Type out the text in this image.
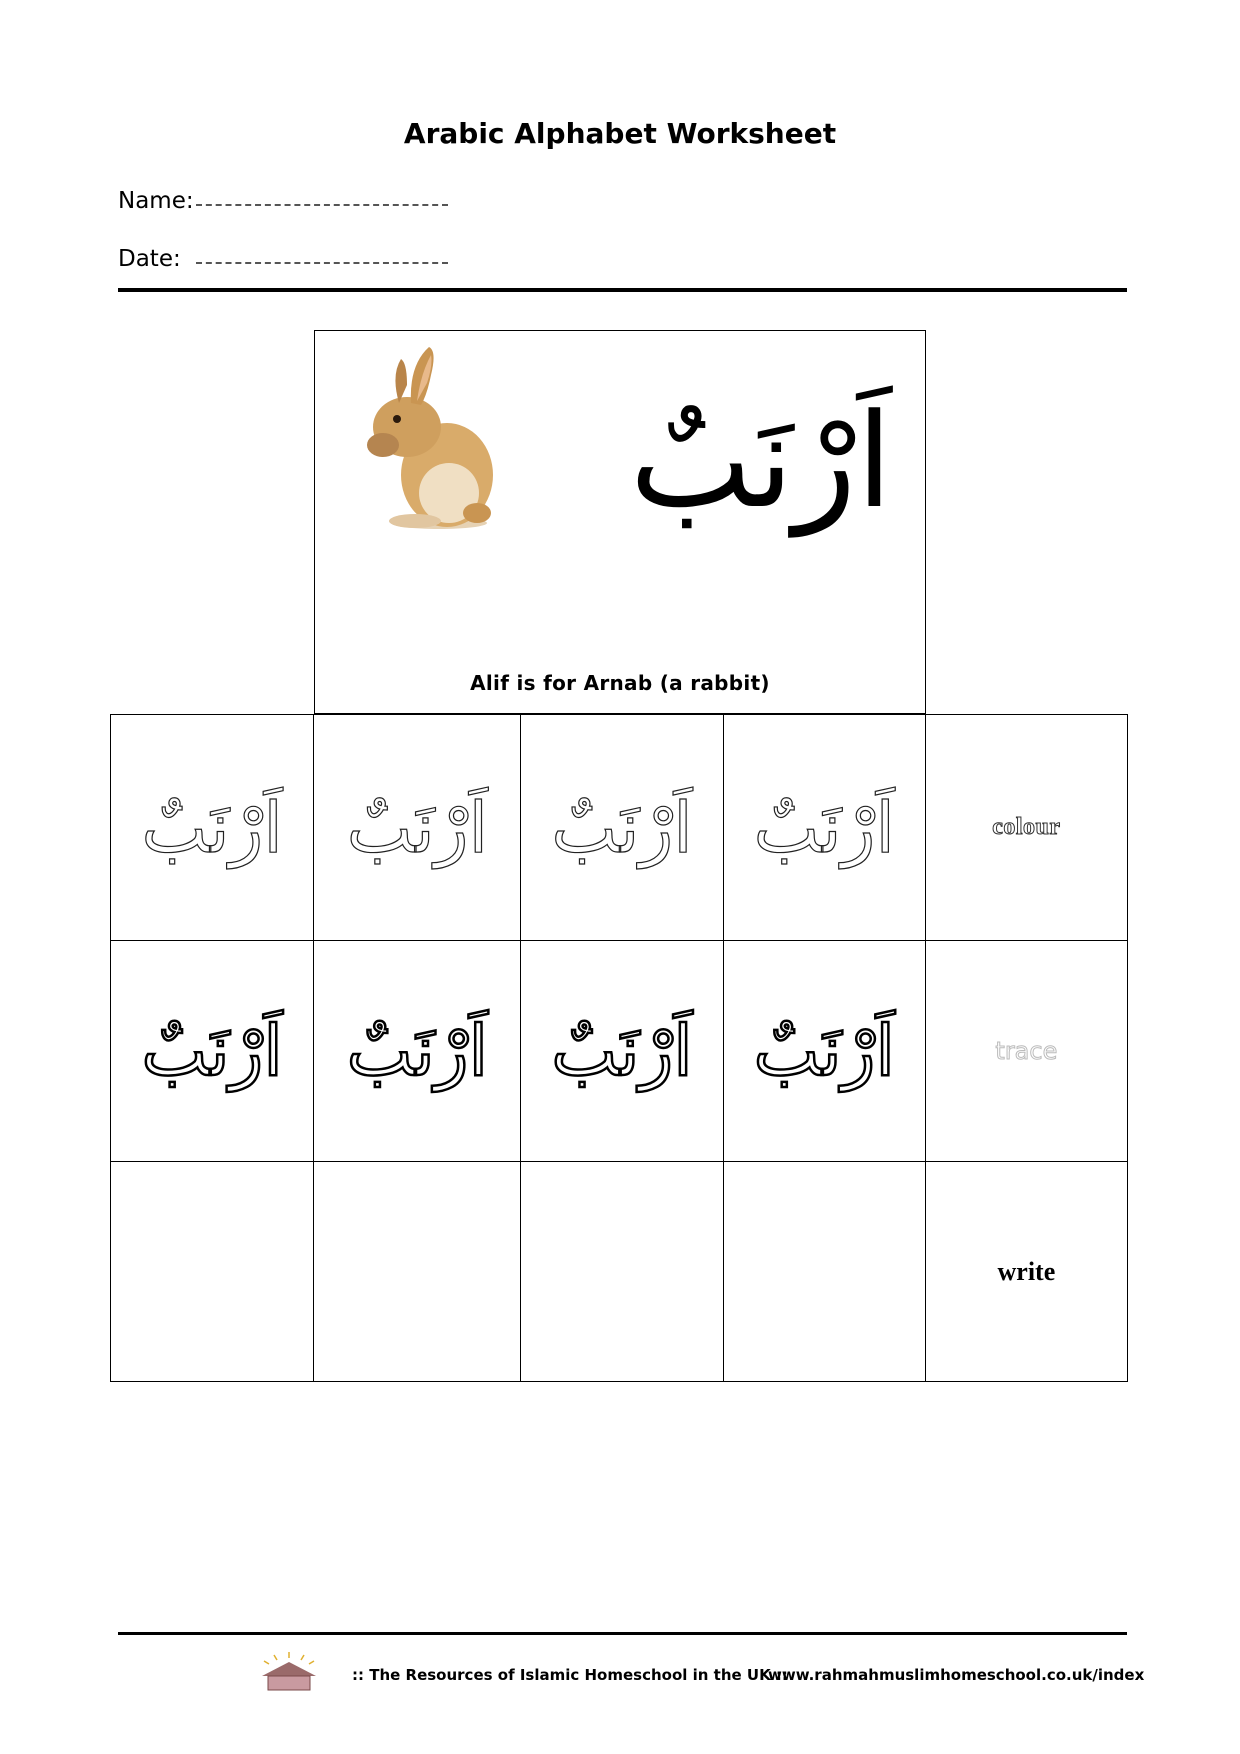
Arabic Alphabet Worksheet
Name:
Date:
اَرْنَبٌ
Alif is for Arnab (a rabbit)
اَرْنَبٌ	اَرْنَبٌ	اَرْنَبٌ	اَرْنَبٌ	colour
اَرْنَبٌ	اَرْنَبٌ	اَرْنَبٌ	اَرْنَبٌ	trace
				write
:: The Resources of Islamic Homeschool in the UK ::
www.rahmahmuslimhomeschool.co.uk/index
